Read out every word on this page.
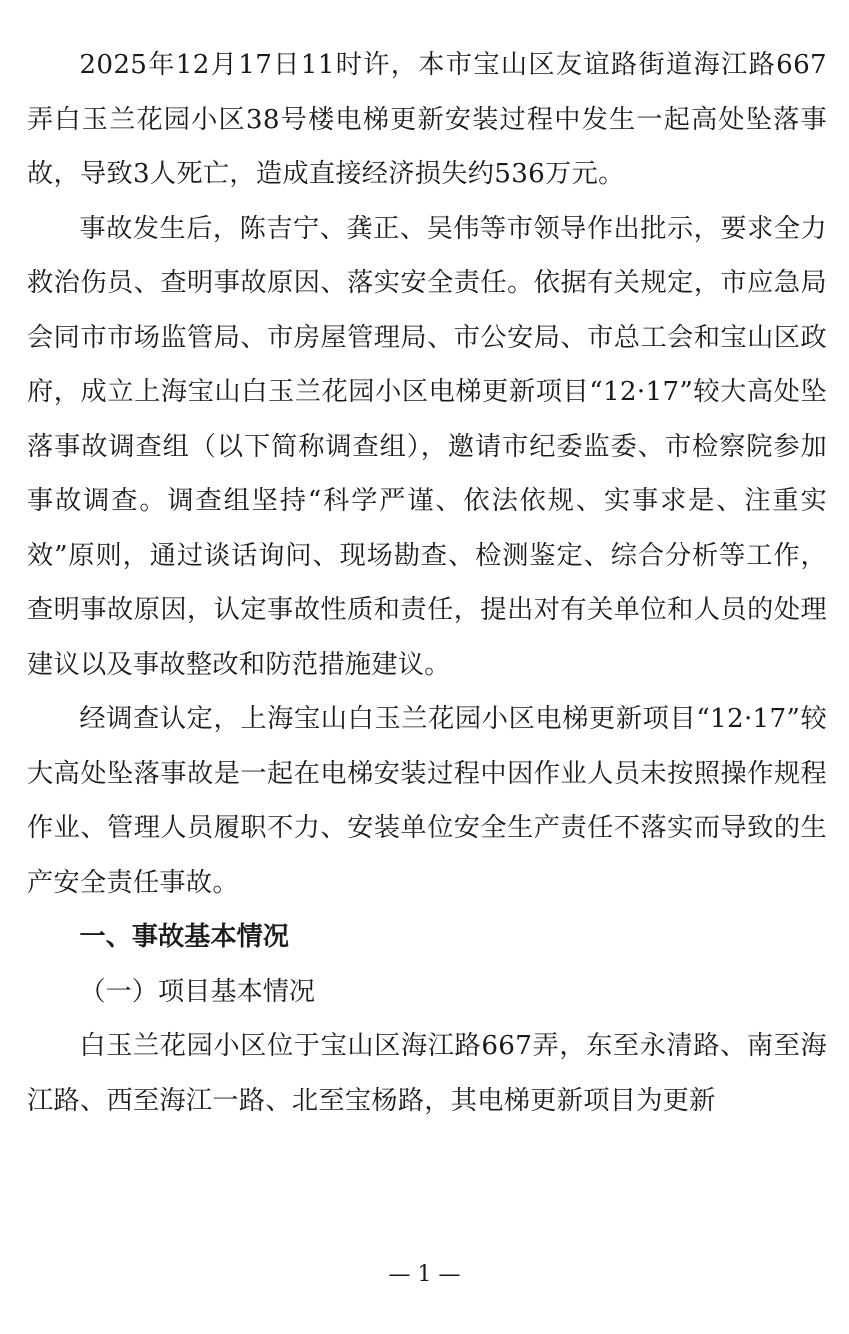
2025年12月17日11时许，本市宝山区友谊路街道海江路667弄白玉兰花园小区38号楼电梯更新安装过程中发生一起高处坠落事故，导致3人死亡，造成直接经济损失约536万元。

事故发生后，陈吉宁、龚正、吴伟等市领导作出批示，要求全力救治伤员、查明事故原因、落实安全责任。依据有关规定，市应急局会同市市场监管局、市房屋管理局、市公安局、市总工会和宝山区政府，成立上海宝山白玉兰花园小区电梯更新项目“12·17”较大高处坠落事故调查组（以下简称调查组），邀请市纪委监委、市检察院参加事故调查。调查组坚持“科学严谨、依法依规、实事求是、注重实效”原则，通过谈话询问、现场勘查、检测鉴定、综合分析等工作，查明事故原因，认定事故性质和责任，提出对有关单位和人员的处理建议以及事故整改和防范措施建议。

经调查认定，上海宝山白玉兰花园小区电梯更新项目“12·17”较大高处坠落事故是一起在电梯安装过程中因作业人员未按照操作规程作业、管理人员履职不力、安装单位安全生产责任不落实而导致的生产安全责任事故。

一、事故基本情况

（一）项目基本情况

白玉兰花园小区位于宝山区海江路667弄，东至永清路、南至海江路、西至海江一路、北至宝杨路，其电梯更新项目为更新

— 1 —
